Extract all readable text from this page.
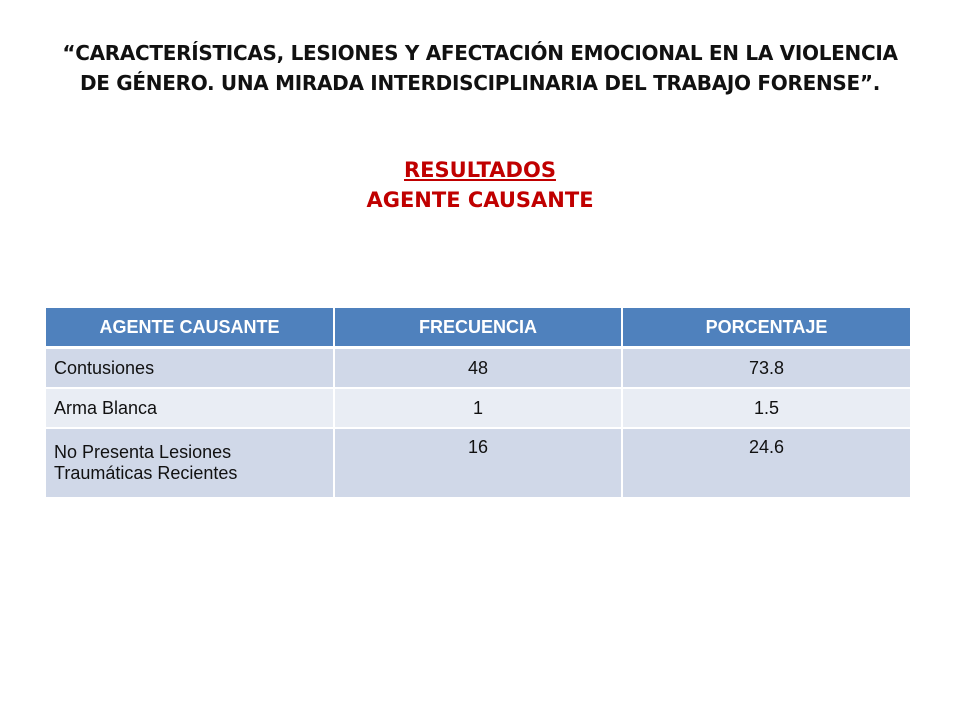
“CARACTERÍSTICAS, LESIONES Y AFECTACIÓN EMOCIONAL EN LA VIOLENCIA
DE GÉNERO. UNA MIRADA INTERDISCIPLINARIA DEL TRABAJO FORENSE”.
RESULTADOS
AGENTE CAUSANTE
AGENTE CAUSANTE	FRECUENCIA	PORCENTAJE
Contusiones	48	73.8
Arma Blanca	1	1.5
No Presenta Lesiones Traumáticas Recientes	16	24.6
